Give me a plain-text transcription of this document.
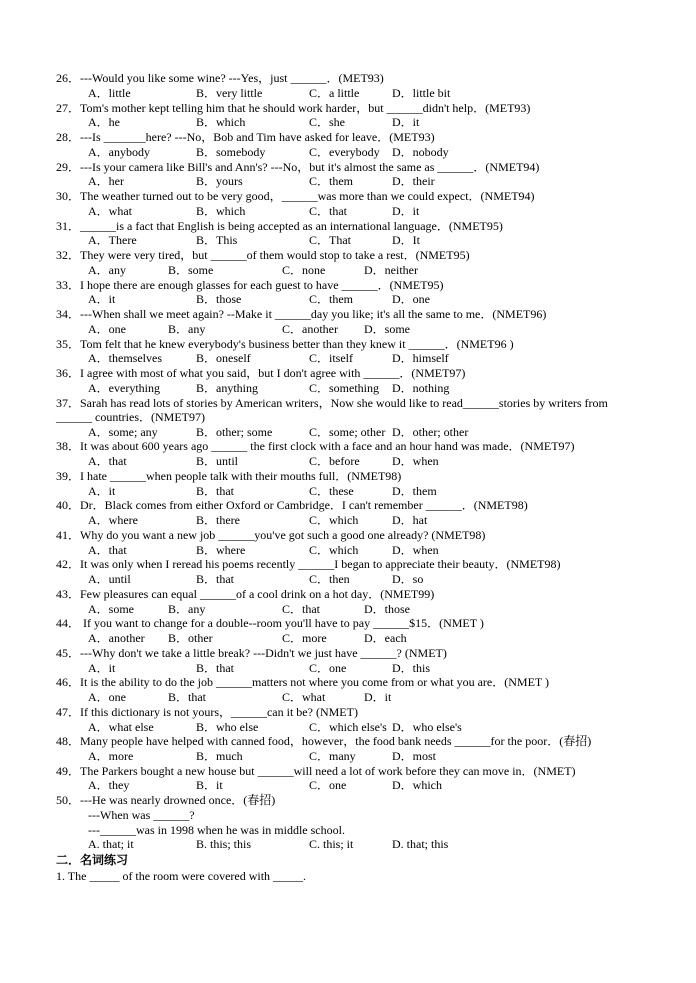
26．---Would you like some wine? ---Yes，just ______．(MET93)
A．little	B．very little	C．a little	D．little bit
27．Tom's mother kept telling him that he should work harder，but ______didn't help．(MET93)
A．he	B．which	C．she	D．it
28．---Is _______here? ---No，Bob and Tim have asked for leave．(MET93)
A．anybody	B．somebody	C．everybody D．nobody
29．---Is your camera like Bill's and Ann's? ---No，but it's almost the same as ______．(NMET94)
A．her	B．yours	C．them	D．their
30．The weather turned out to be very good，______was more than we could expect．(NMET94)
A．what	B．which	C．that	D．it
31．______is a fact that English is being accepted as an international language．(NMET95)
A．There	B．This	C．That	D．It
32．They were very tired，but ______of them would stop to take a rest．(NMET95)
A．any	B．some	C．none	D．neither
33．I hope there are enough glasses for each guest to have ______．(NMET95)
A．it	B．those	C．them	D．one
34．---When shall we meet again? --Make it ______day you like; it's all the same to me．(NMET96)
A．one	B．any	C．another D．some
35．Tom felt that he knew everybody's business better than they knew it ______．(NMET96 )
A．themselves	B．oneself	C．itself	D．himself
36．I agree with most of what you said，but I don't agree with ______．(NMET97)
A．everything	B．anything	C．something D．nothing
37．Sarah has read lots of stories by American writers，Now she would like to read______stories by writers from ______ countries．(NMET97)
A．some; any	B．other; some	C．some; other D．other; other
38．It was about 600 years ago ______ the first clock with a face and an hour hand was made．(NMET97)
A．that	B．until	C．before	D．when
39．I hate ______when people talk with their mouths full．(NMET98)
A．it	B．that	C．these	D．them
40．Dr．Black comes from either Oxford or Cambridge．I can't remember ______．(NMET98)
A．where	B．there	C．which	D．hat
41．Why do you want a new job ______you've got such a good one already? (NMET98)
A．that	B．where	C．which	D．when
42．It was only when I reread his poems recently ______I began to appreciate their beauty．(NMET98)
A．until	B．that	C．then	D．so
43．Few pleasures can equal ______of a cool drink on a hot day．(NMET99)
A．some	B．any	C．that	D．those
44． If you want to change for a double--room you'll have to pay ______$15．(NMET )
A．another B．other	C．more	D．each
45．---Why don't we take a little break? ---Didn't we just have ______? (NMET)
A．it	B．that	C．one	D．this
46．It is the ability to do the job ______matters not where you come from or what you are．(NMET )
A．one	B．that	C．what	D．it
47．If this dictionary is not yours，______can it be? (NMET)
A．what else	B．who else	C．which else's D．who else's
48．Many people have helped with canned food，however，the food bank needs ______for the poor．(春招)
A．more	B．much	C．many	D．most
49．The Parkers bought a new house but ______will need a lot of work before they can move in．(NMET)
A．they	B．it	C．one	D．which
50．---He was nearly drowned once．(春招)
---When was ______?
---______was in 1998 when he was in middle school.
A. that; it	B. this; this	C. this; it	D. that; this
二．名词练习
1. The _____ of the room were covered with _____.
